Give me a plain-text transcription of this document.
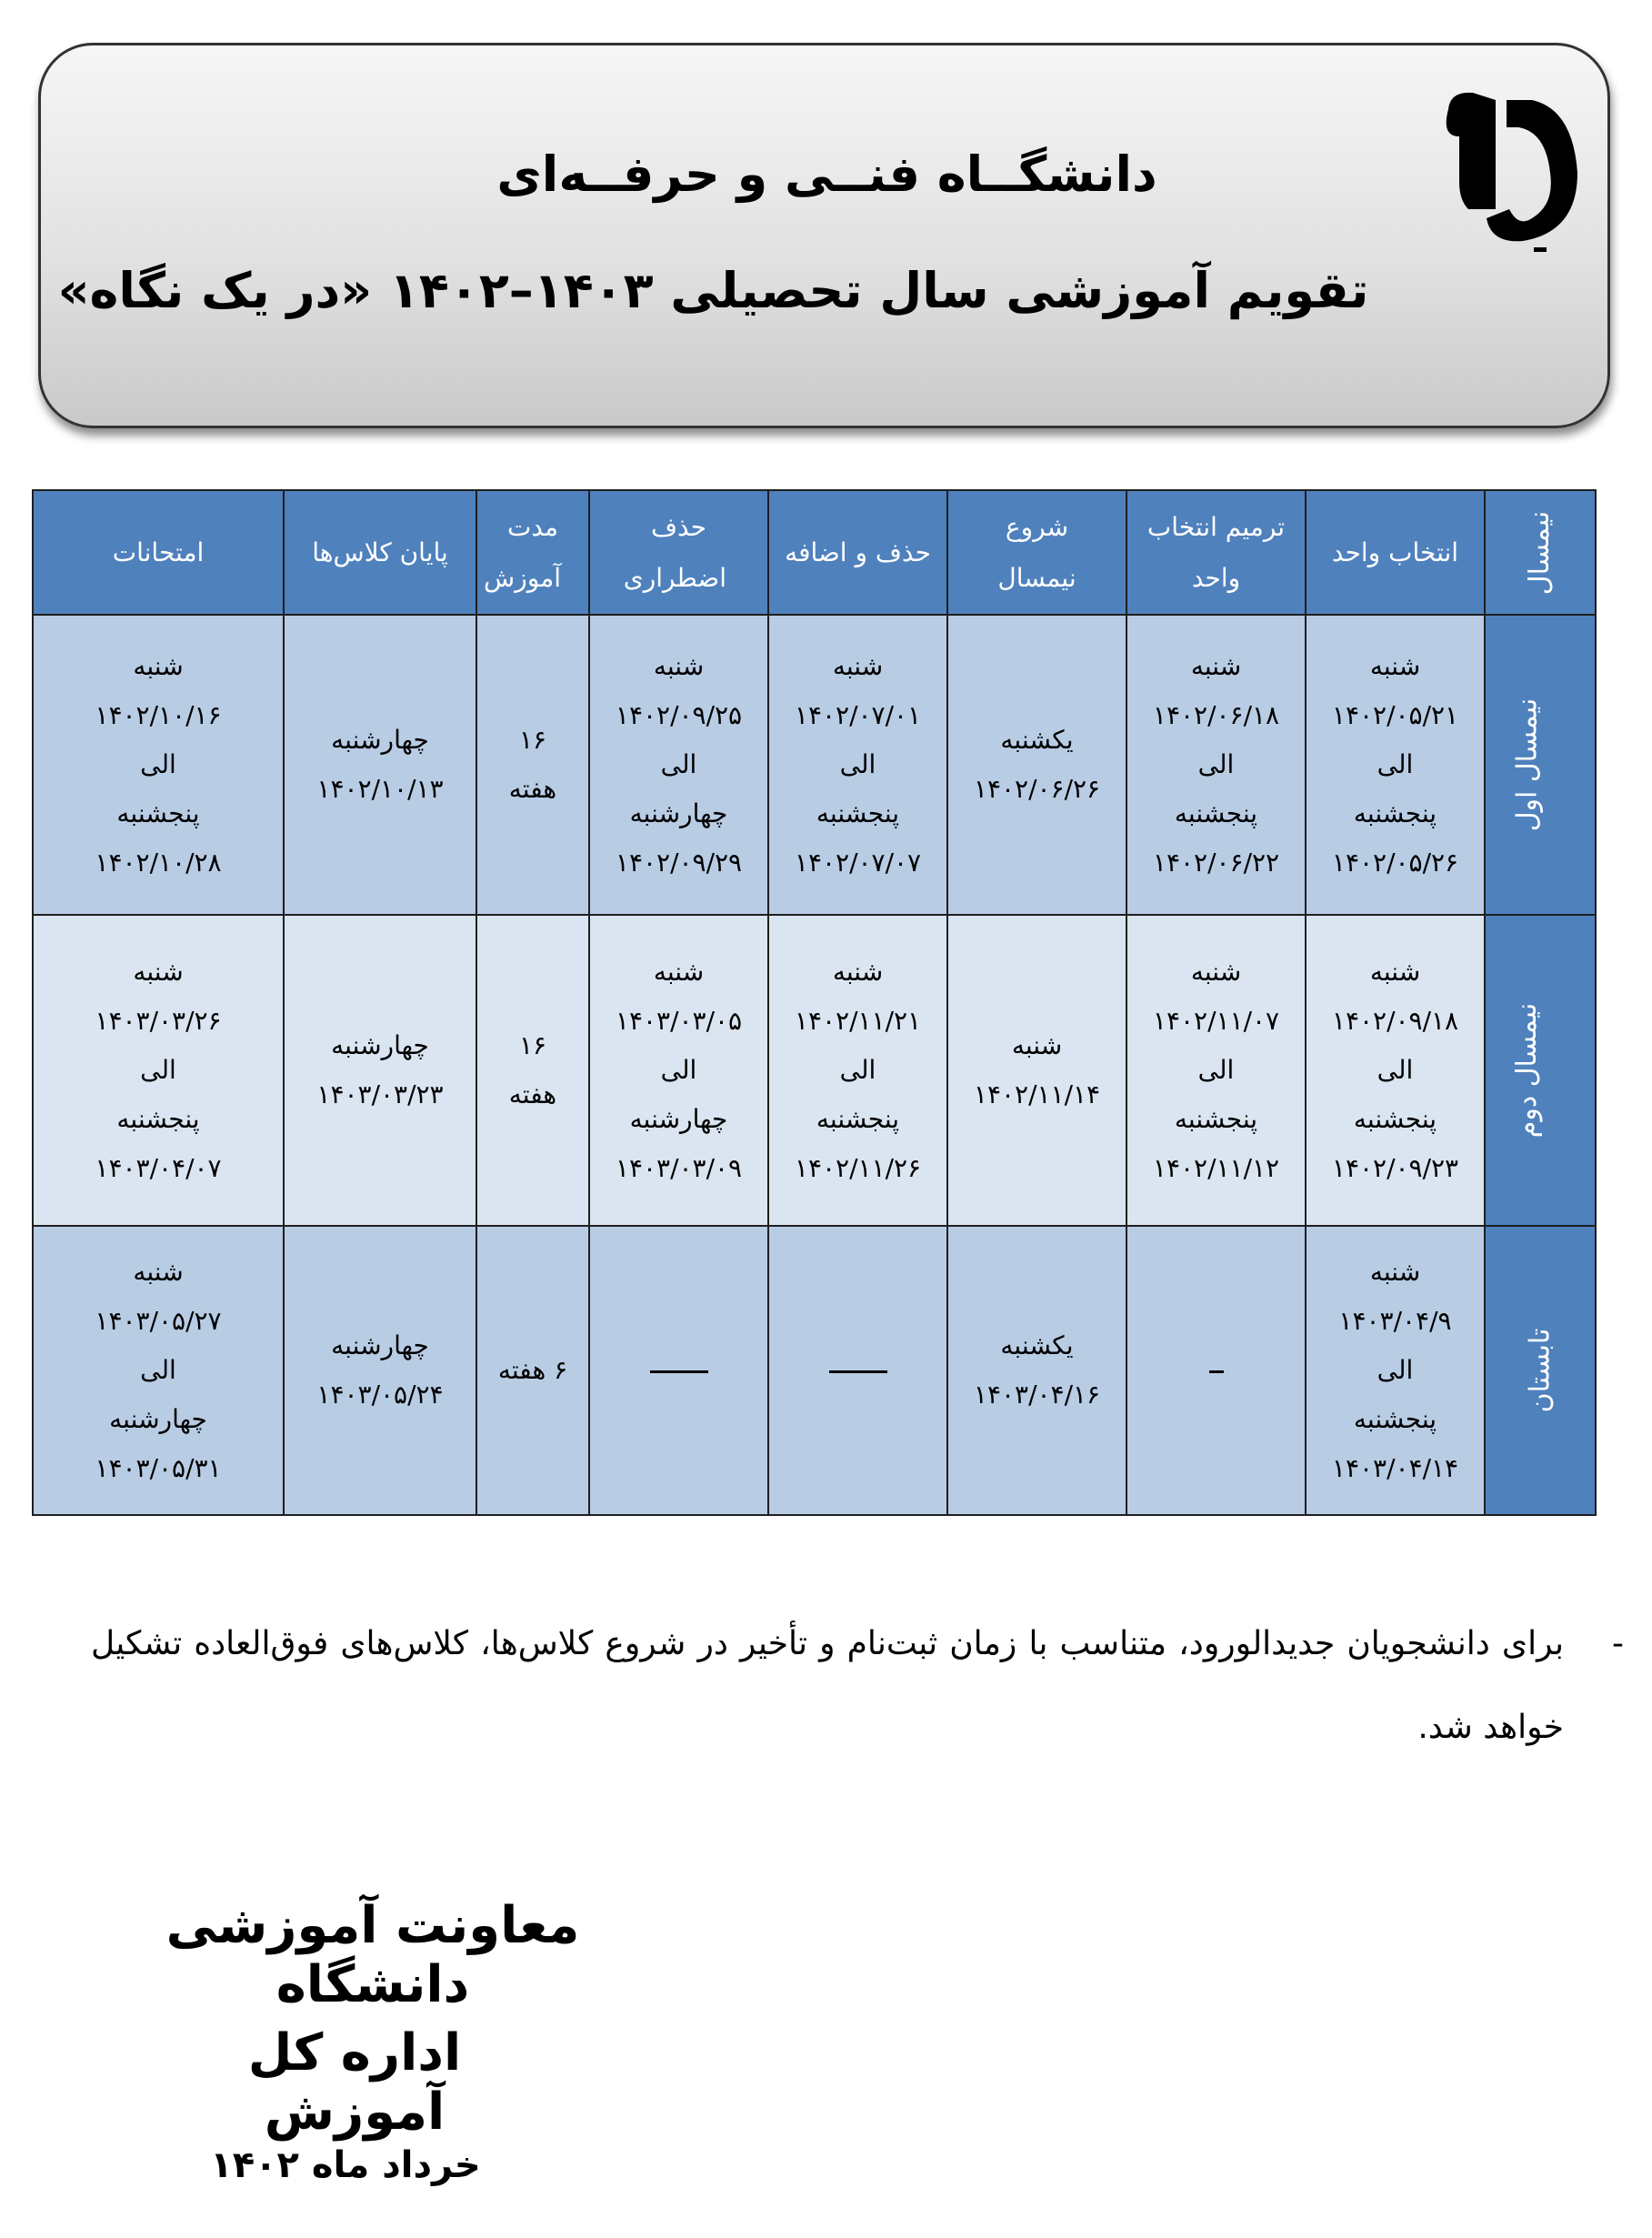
دانشگــاه فنــی و حرفــه‌ای
تقویم آموزشی سال تحصیلی ۱۴۰۳–۱۴۰۲ «در یک نگاه»
نیمسال	انتخاب واحد	ترمیم انتخاب واحد	شروع نیمسال	حذف و اضافه	حذف اضطراری	مدت آموزش	پایان کلاس‌ها	امتحانات
نیمسال اول	شنبه
۱۴۰۲/۰۵/۲۱
الی
پنجشنبه
۱۴۰۲/۰۵/۲۶	شنبه
۱۴۰۲/۰۶/۱۸
الی
پنجشنبه
۱۴۰۲/۰۶/۲۲	یکشنبه
۱۴۰۲/۰۶/۲۶	شنبه
۱۴۰۲/۰۷/۰۱
الی
پنجشنبه
۱۴۰۲/۰۷/۰۷	شنبه
۱۴۰۲/۰۹/۲۵
الی
چهارشنبه
۱۴۰۲/۰۹/۲۹	۱۶
هفته	چهارشنبه
۱۴۰۲/۱۰/۱۳	شنبه
۱۴۰۲/۱۰/۱۶
الی
پنجشنبه
۱۴۰۲/۱۰/۲۸

نیمسال دوم	شنبه
۱۴۰۲/۰۹/۱۸
الی
پنجشنبه
۱۴۰۲/۰۹/۲۳	شنبه
۱۴۰۲/۱۱/۰۷
الی
پنجشنبه
۱۴۰۲/۱۱/۱۲	شنبه
۱۴۰۲/۱۱/۱۴	شنبه
۱۴۰۲/۱۱/۲۱
الی
پنجشنبه
۱۴۰۲/۱۱/۲۶	شنبه
۱۴۰۳/۰۳/۰۵
الی
چهارشنبه
۱۴۰۳/۰۳/۰۹	۱۶
هفته	چهارشنبه
۱۴۰۳/۰۳/۲۳	شنبه
۱۴۰۳/۰۳/۲۶
الی
پنجشنبه
۱۴۰۳/۰۴/۰۷

تابستان	شنبه
۱۴۰۳/۰۴/۹
الی
پنجشنبه
۱۴۰۳/۰۴/۱۴		یکشنبه
۱۴۰۳/۰۴/۱۶			۶ هفته	چهارشنبه
۱۴۰۳/۰۵/۲۴	شنبه
۱۴۰۳/۰۵/۲۷
الی
چهارشنبه
۱۴۰۳/۰۵/۳۱
-
برای دانشجویان جدیدالورود، متناسب با زمان ثبت‌نام و تأخیر در شروع کلاس‌ها، کلاس‌های فوق‌العاده تشکیل خواهد شد.
معاونت آموزشی دانشگاه
اداره کل آموزش
خرداد ماه ۱۴۰۲
